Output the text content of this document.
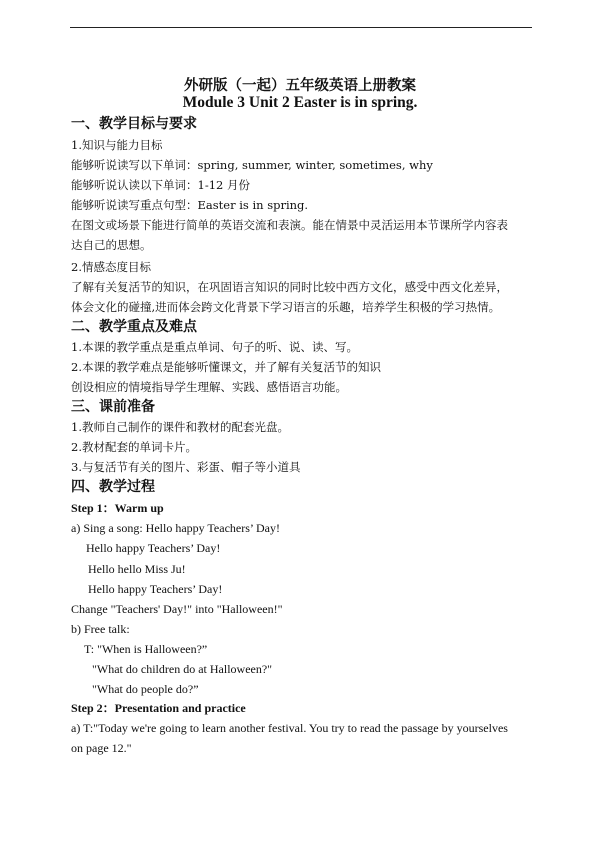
外研版（一起）五年级英语上册教案
Module 3 Unit 2 Easter is in spring.
一、教学目标与要求
1.知识与能力目标
能够听说读写以下单词：spring, summer, winter, sometimes, why
能够听说认读以下单词：1-12 月份
能够听说读写重点句型：Easter is in spring.
在图文或场景下能进行简单的英语交流和表演。能在情景中灵活运用本节课所学内容表
达自己的思想。
2.情感态度目标
了解有关复活节的知识，在巩固语言知识的同时比较中西方文化，感受中西文化差异，
体会文化的碰撞,进而体会跨文化背景下学习语言的乐趣，培养学生积极的学习热情。
二、教学重点及难点
1.本课的教学重点是重点单词、句子的听、说、读、写。
2.本课的教学难点是能够听懂课文，并了解有关复活节的知识
创设相应的情境指导学生理解、实践、感悟语言功能。
三、课前准备
1.教师自己制作的课件和教材的配套光盘。
2.教材配套的单词卡片。
3.与复活节有关的图片、彩蛋、帽子等小道具
四、教学过程
Step 1：Warm up
a) Sing a song: Hello happy Teachers’ Day!
Hello happy Teachers’ Day!
Hello hello Miss Ju!
Hello happy Teachers’ Day!
Change "Teachers' Day!" into "Halloween!"
b) Free talk:
T: "When is Halloween?”
"What do children do at Halloween?"
"What do people do?”
Step 2：Presentation and practice
a) T:"Today we're going to learn another festival. You try to read the passage by yourselves
on page 12."
